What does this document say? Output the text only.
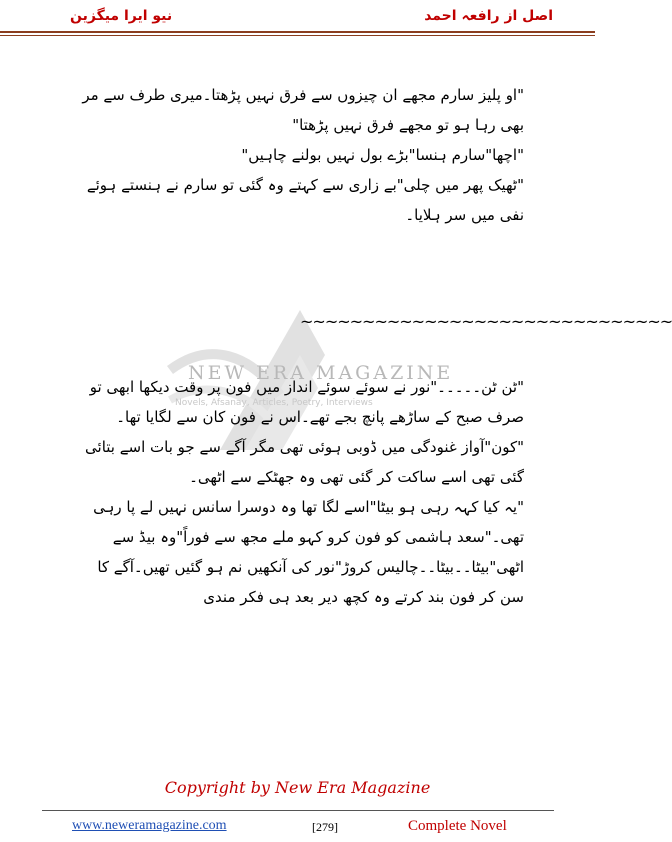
اصل از رافعہ احمد
نیو ایرا میگزین
NEW ERA MAGAZINE
Novels, Afsanay, Articles, Poetry, Interviews

"او پلیز سارم مجھے ان چیزوں سے فرق نہیں پڑھتا۔میری طرف سے مر بھی رہا ہو تو مجھے فرق نہیں پڑھتا"

"اچھا"سارم ہنسا"بڑے بول نہیں بولنے چاہیں"

"ٹھیک پھر میں چلی"بے زاری سے کہتے وہ گئی تو سارم نے ہنستے ہوئے نفی میں سر ہلایا۔

~~~~~~~~~~~~~~~~~~~~~~~~~~~~~~

"ٹن ٹن۔۔۔۔۔"نور نے سوئے سوئے انداز میں فون پر وقت دیکھا ابھی تو صرف صبح کے ساڑھے پانچ بجے تھے۔اس نے فون کان سے لگایا تھا۔

"کون"آواز غنودگی میں ڈوبی ہوئی تھی مگر آگے سے جو بات اسے بتائی گئی تھی اسے ساکت کر گئی تھی وہ جھٹکے سے اٹھی۔

"یہ کیا کہہ رہی ہو بیٹا"اسے لگا تھا وہ دوسرا سانس نہیں لے پا رہی تھی۔"سعد ہاشمی کو فون کرو کہو ملے مجھ سے فوراً"وہ بیڈ سے اٹھی"بیٹا۔۔بیٹا۔۔چالیس کروڑ"نور کی آنکھیں نم ہو گئیں تھیں۔آگے کا سن کر فون بند کرتے وہ کچھ دیر بعد ہی فکر مندی

Copyright by New Era Magazine
www.neweramagazine.com	[279]	Complete Novel
